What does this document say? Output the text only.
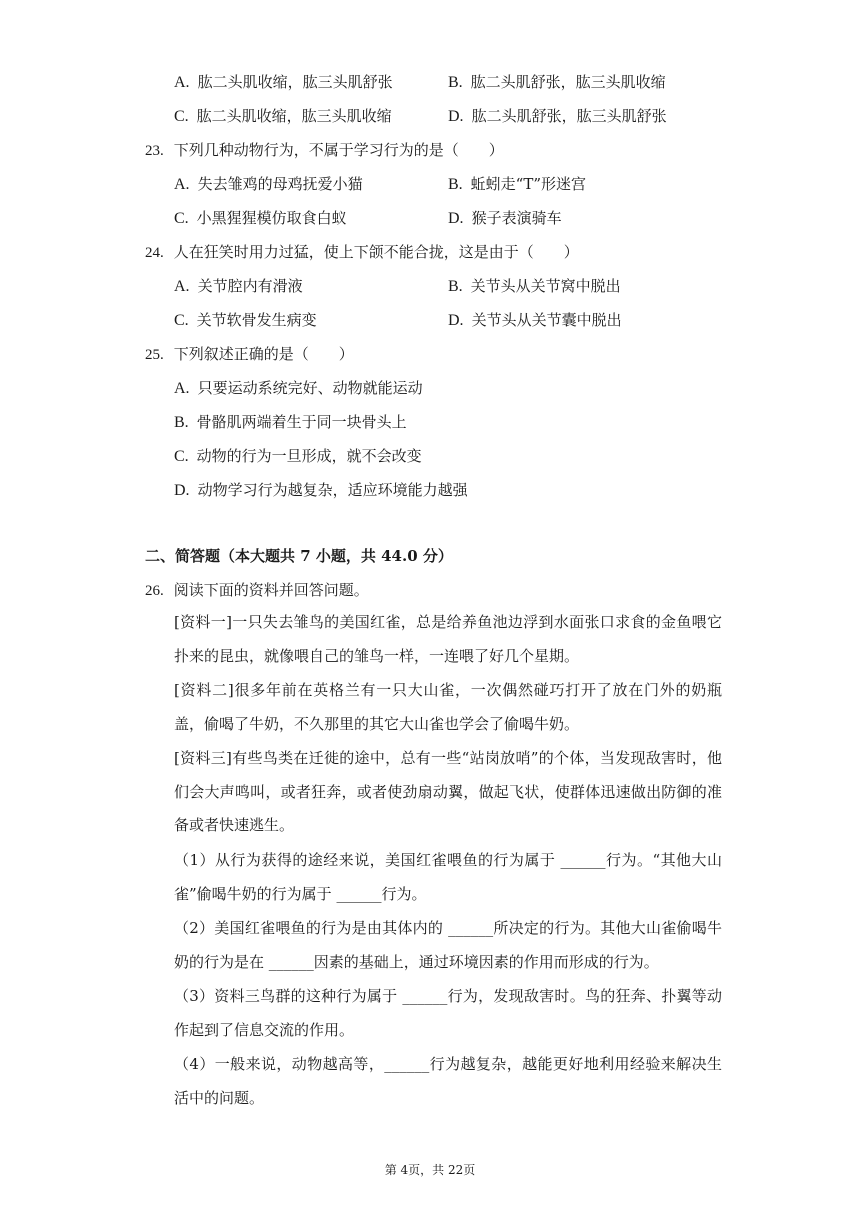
A. 肱二头肌收缩，肱三头肌舒张	B. 肱二头肌舒张，肱三头肌收缩
C. 肱二头肌收缩，肱三头肌收缩	D. 肱二头肌舒张，肱三头肌舒张
23. 下列几种动物行为，不属于学习行为的是（　　）
A. 失去雏鸡的母鸡抚爱小猫	B. 蚯蚓走“T”形迷宫
C. 小黑猩猩模仿取食白蚁	D. 猴子表演骑车
24. 人在狂笑时用力过猛，使上下颌不能合拢，这是由于（　　）
A. 关节腔内有滑液	B. 关节头从关节窝中脱出
C. 关节软骨发生病变	D. 关节头从关节囊中脱出
25. 下列叙述正确的是（　　）
A. 只要运动系统完好、动物就能运动
B. 骨骼肌两端着生于同一块骨头上
C. 动物的行为一旦形成，就不会改变
D. 动物学习行为越复杂，适应环境能力越强
二、简答题（本大题共 7 小题，共 44.0 分）
26. 阅读下面的资料并回答问题。
[资料一]一只失去雏鸟的美国红雀，总是给养鱼池边浮到水面张口求食的金鱼喂它扑来的昆虫，就像喂自己的雏鸟一样，一连喂了好几个星期。
[资料二]很多年前在英格兰有一只大山雀，一次偶然碰巧打开了放在门外的奶瓶盖，偷喝了牛奶，不久那里的其它大山雀也学会了偷喝牛奶。
[资料三]有些鸟类在迁徙的途中，总有一些“站岗放哨”的个体，当发现敌害时，他们会大声鸣叫，或者狂奔，或者使劲扇动翼，做起飞状，使群体迅速做出防御的准备或者快速逃生。
（1）从行为获得的途经来说，美国红雀喂鱼的行为属于 ______行为。“其他大山雀”偷喝牛奶的行为属于 ______行为。
（2）美国红雀喂鱼的行为是由其体内的 ______所决定的行为。其他大山雀偷喝牛奶的行为是在 ______因素的基础上，通过环境因素的作用而形成的行为。
（3）资料三鸟群的这种行为属于 ______行为，发现敌害时。鸟的狂奔、扑翼等动作起到了信息交流的作用。
（4）一般来说，动物越高等，______行为越复杂，越能更好地利用经验来解决生活中的问题。
第 4页，共 22页
